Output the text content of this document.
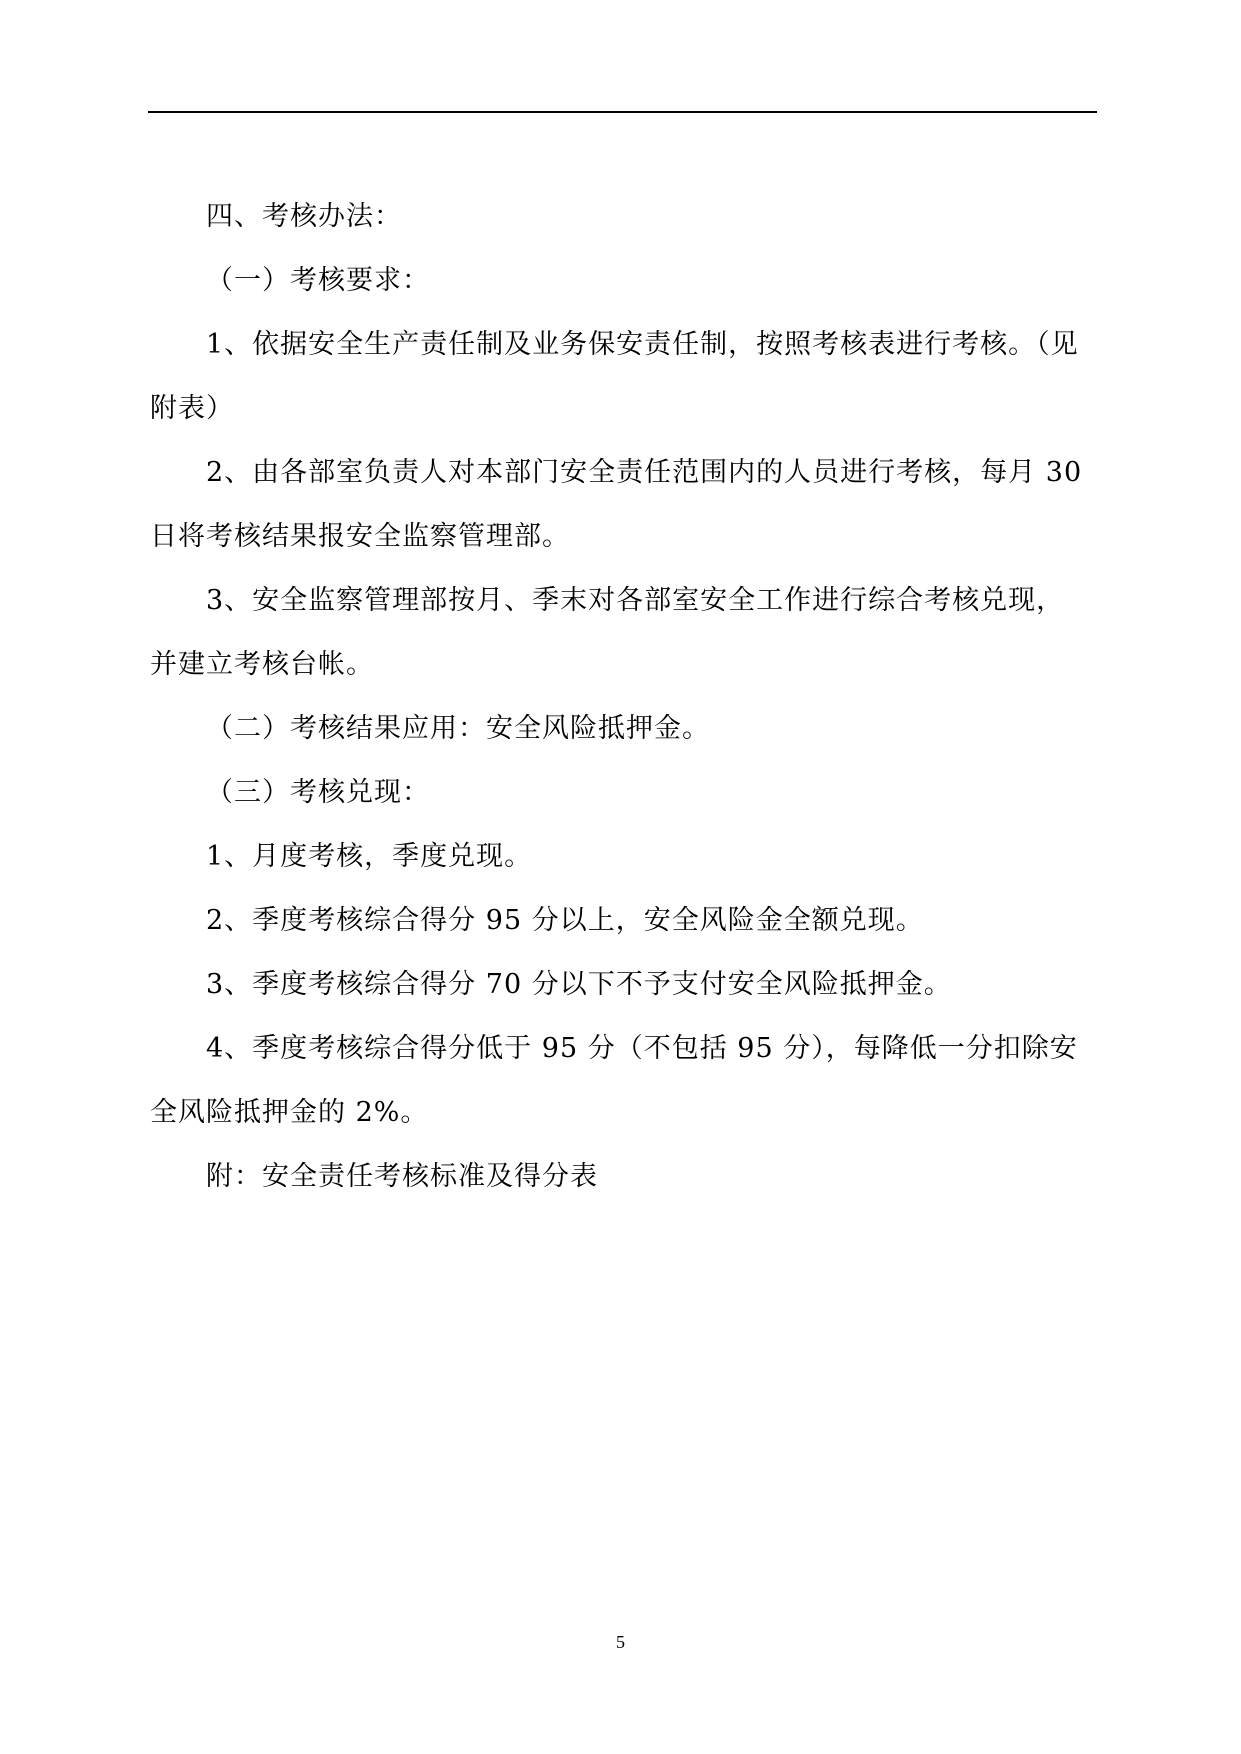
四、考核办法：

（一）考核要求：

1、依据安全生产责任制及业务保安责任制，按照考核表进行考核。（见附表）

2、由各部室负责人对本部门安全责任范围内的人员进行考核，每月 30 日将考核结果报安全监察管理部。

3、安全监察管理部按月、季末对各部室安全工作进行综合考核兑现，并建立考核台帐。

（二）考核结果应用：安全风险抵押金。

（三）考核兑现：

1、月度考核，季度兑现。

2、季度考核综合得分 95 分以上，安全风险金全额兑现。

3、季度考核综合得分 70 分以下不予支付安全风险抵押金。

4、季度考核综合得分低于 95 分（不包括 95 分），每降低一分扣除安全风险抵押金的 2%。

附：安全责任考核标准及得分表

5
